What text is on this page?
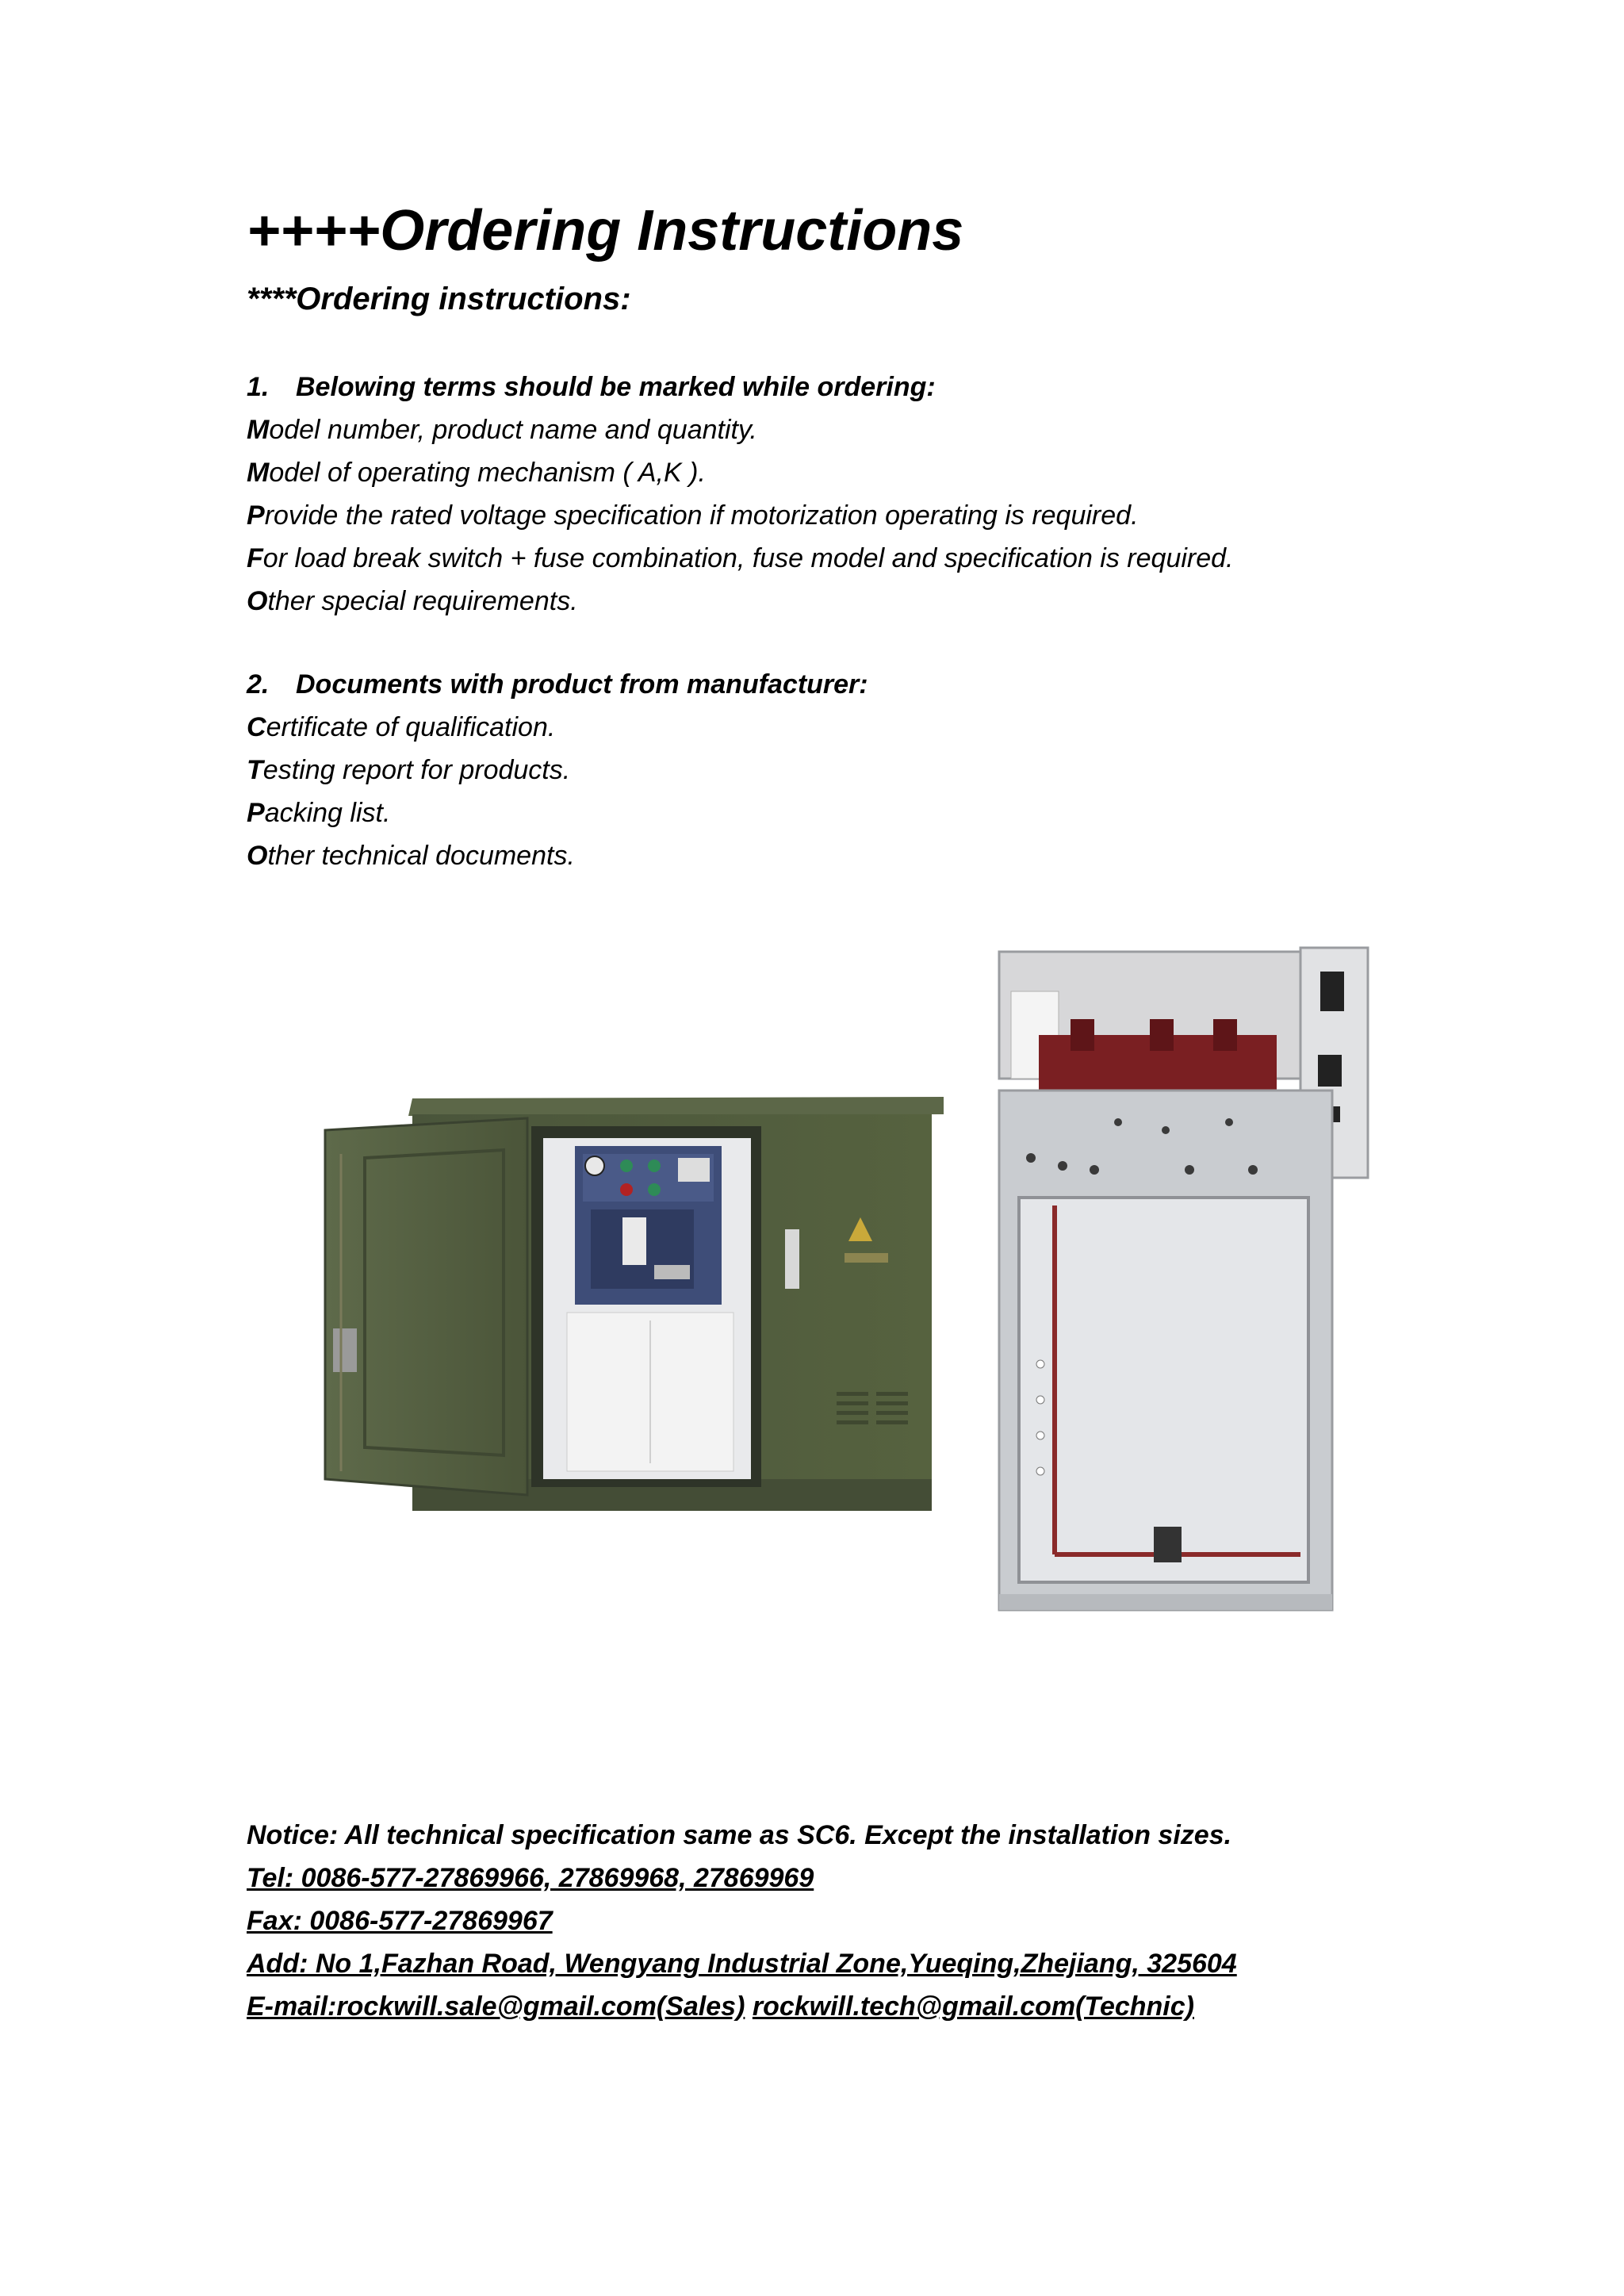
++++Ordering Instructions
****Ordering instructions:
1. Belowing terms should be marked while ordering:
Model number, product name and quantity.
Model of operating mechanism ( A,K ).
Provide the rated voltage specification if motorization operating is required.
For load break switch + fuse combination, fuse model and specification is required.
Other special requirements.
2. Documents with product from manufacturer:
Certificate of qualification.
Testing report for products.
Packing list.
Other technical documents.
Notice: All technical specification same as SC6. Except the installation sizes.
Tel: 0086-577-27869966, 27869968, 27869969
Fax: 0086-577-27869967
Add: No 1,Fazhan Road, Wengyang Industrial Zone,Yueqing,Zhejiang, 325604
E-mail:rockwill.sale@gmail.com(Sales) rockwill.tech@gmail.com(Technic)
